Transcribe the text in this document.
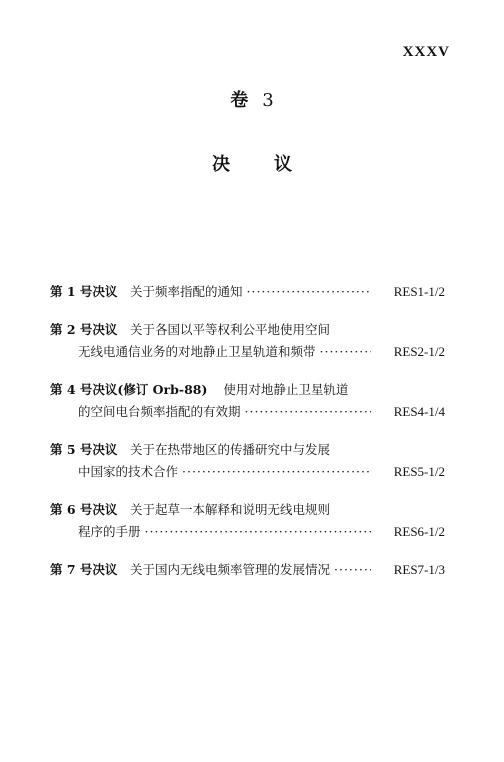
XXXV
卷 3
决 议
第 1 号决议	关于频率指配的通知 ·····	RES1-1/2
第 2 号决议	关于各国以平等权利公平地使用空间
无线电通信业务的对地静止卫星轨道和频带 ·····	RES2-1/2
第 4 号决议(修订 Orb-88) 使用对地静止卫星轨道
的空间电台频率指配的有效期 ·····	RES4-1/4
第 5 号决议	关于在热带地区的传播研究中与发展
中国家的技术合作 ·····	RES5-1/2
第 6 号决议	关于起草一本解释和说明无线电规则
程序的手册 ·····	RES6-1/2
第 7 号决议	关于国内无线电频率管理的发展情况 ·····	RES7-1/3
